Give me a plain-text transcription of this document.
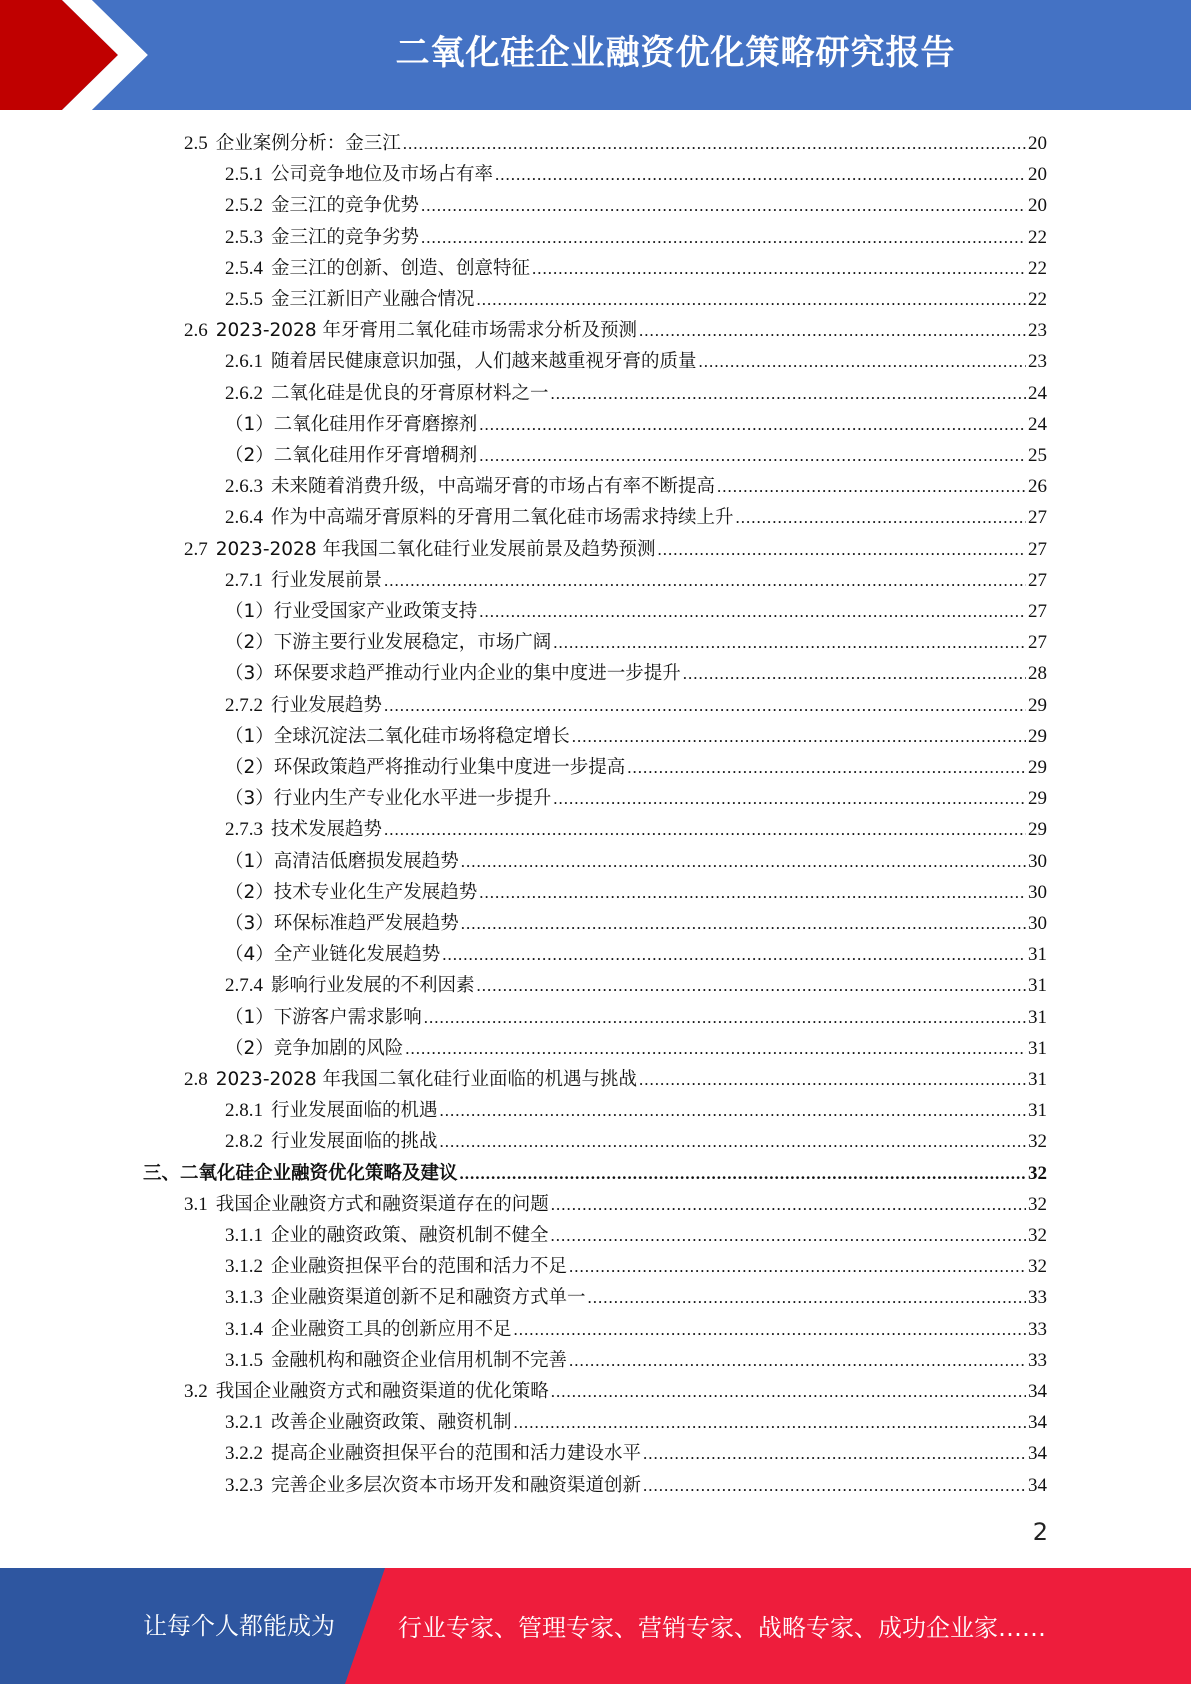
二氧化硅企业融资优化策略研究报告
2.5 企业案例分析：金三江 .....	20
2.5.1 公司竞争地位及市场占有率 .....	20
2.5.2 金三江的竞争优势 .....	20
2.5.3 金三江的竞争劣势 .....	22
2.5.4 金三江的创新、创造、创意特征 .....	22
2.5.5 金三江新旧产业融合情况 .....	22
2.6 2023-2028 年牙膏用二氧化硅市场需求分析及预测 .....	23
2.6.1 随着居民健康意识加强，人们越来越重视牙膏的质量 .....	23
2.6.2 二氧化硅是优良的牙膏原材料之一 .....	24
（1）二氧化硅用作牙膏磨擦剂 .....	24
（2）二氧化硅用作牙膏增稠剂 .....	25
2.6.3 未来随着消费升级，中高端牙膏的市场占有率不断提高 .....	26
2.6.4 作为中高端牙膏原料的牙膏用二氧化硅市场需求持续上升 .....	27
2.7 2023-2028 年我国二氧化硅行业发展前景及趋势预测 .....	27
2.7.1 行业发展前景 .....	27
（1）行业受国家产业政策支持 .....	27
（2）下游主要行业发展稳定，市场广阔 .....	27
（3）环保要求趋严推动行业内企业的集中度进一步提升 .....	28
2.7.2 行业发展趋势 .....	29
（1）全球沉淀法二氧化硅市场将稳定增长 .....	29
（2）环保政策趋严将推动行业集中度进一步提高 .....	29
（3）行业内生产专业化水平进一步提升 .....	29
2.7.3 技术发展趋势 .....	29
（1）高清洁低磨损发展趋势 .....	30
（2）技术专业化生产发展趋势 .....	30
（3）环保标准趋严发展趋势 .....	30
（4）全产业链化发展趋势 .....	31
2.7.4 影响行业发展的不利因素 .....	31
（1）下游客户需求影响 .....	31
（2）竞争加剧的风险 .....	31
2.8 2023-2028 年我国二氧化硅行业面临的机遇与挑战 .....	31
2.8.1 行业发展面临的机遇 .....	31
2.8.2 行业发展面临的挑战 .....	32
三、二氧化硅企业融资优化策略及建议 .....	32
3.1 我国企业融资方式和融资渠道存在的问题 .....	32
3.1.1 企业的融资政策、融资机制不健全 .....	32
3.1.2 企业融资担保平台的范围和活力不足 .....	32
3.1.3 企业融资渠道创新不足和融资方式单一 .....	33
3.1.4 企业融资工具的创新应用不足 .....	33
3.1.5 金融机构和融资企业信用机制不完善 .....	33
3.2 我国企业融资方式和融资渠道的优化策略 .....	34
3.2.1 改善企业融资政策、融资机制 .....	34
3.2.2 提高企业融资担保平台的范围和活力建设水平 .....	34
3.2.3 完善企业多层次资本市场开发和融资渠道创新 .....	34
2
让每个人都能成为	行业专家、管理专家、营销专家、战略专家、成功企业家……
